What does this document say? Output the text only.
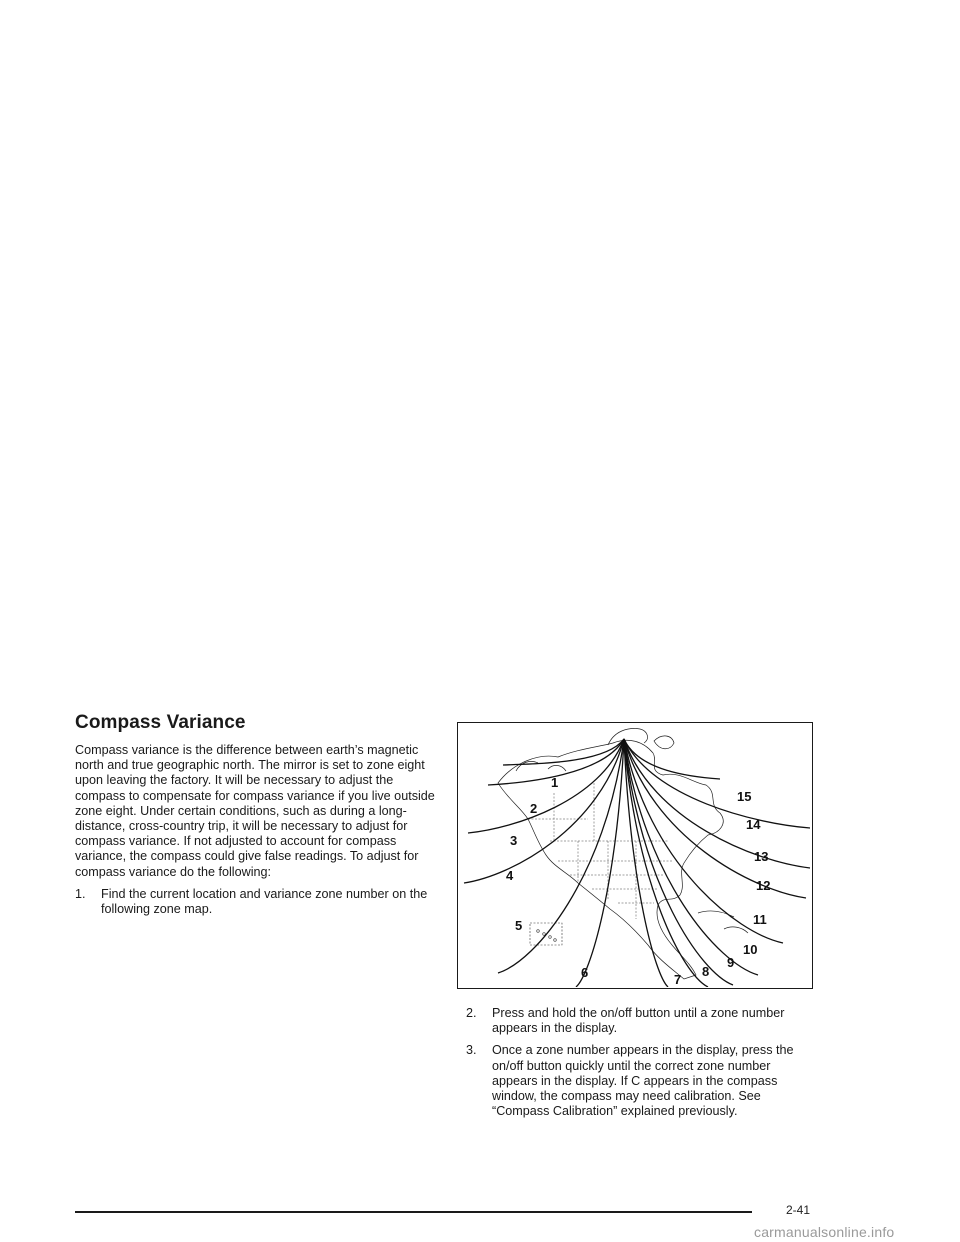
Compass Variance

Compass variance is the difference between earth’s magnetic north and true geographic north. The mirror is set to zone eight upon leaving the factory. It will be necessary to adjust the compass to compensate for compass variance if you live outside zone eight. Under certain conditions, such as during a long-distance, cross-country trip, it will be necessary to adjust for compass variance. If not adjusted to account for compass variance, the compass could give false readings. To adjust for compass variance do the following:

1. Find the current location and variance zone number on the following zone map.
1
2
3
4
5
6	7
8
9
10
11
12
13
14
15
2. Press and hold the on/off button until a zone number appears in the display.
3. Once a zone number appears in the display, press the on/off button quickly until the correct zone number appears in the display. If C appears in the compass window, the compass may need calibration. See “Compass Calibration” explained previously.
2-41
carmanualsonline.info
